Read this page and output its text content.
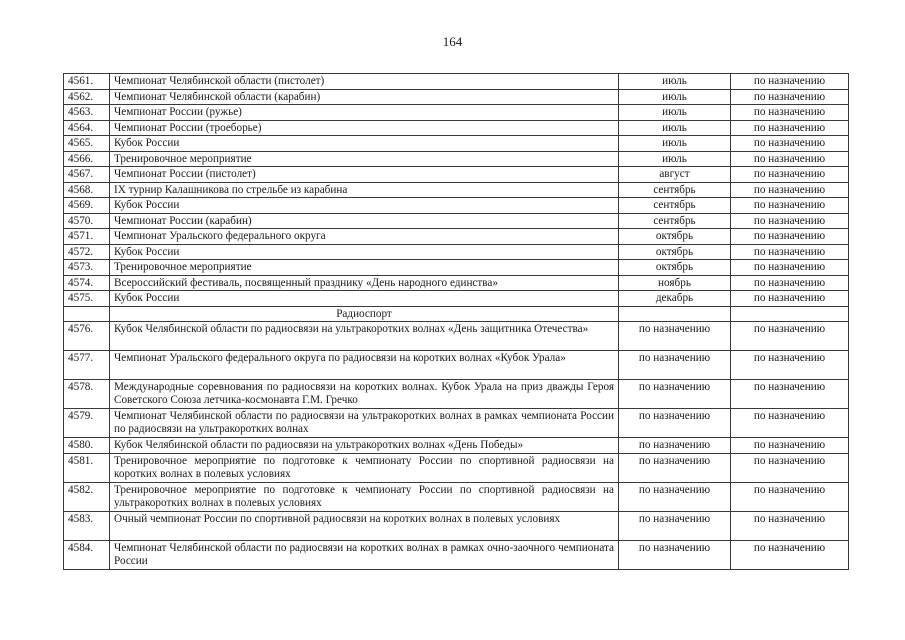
164
4561.	Чемпионат Челябинской области (пистолет)	июль	по назначению
4562.	Чемпионат Челябинской области (карабин)	июль	по назначению
4563.	Чемпионат России (ружье)	июль	по назначению
4564.	Чемпионат России (троеборье)	июль	по назначению
4565.	Кубок России	июль	по назначению
4566.	Тренировочное мероприятие	июль	по назначению
4567.	Чемпионат России (пистолет)	август	по назначению
4568.	IX турнир Калашникова по стрельбе из карабина	сентябрь	по назначению
4569.	Кубок России	сентябрь	по назначению
4570.	Чемпионат России (карабин)	сентябрь	по назначению
4571.	Чемпионат Уральского федерального округа	октябрь	по назначению
4572.	Кубок России	октябрь	по назначению
4573.	Тренировочное мероприятие	октябрь	по назначению
4574.	Всероссийский фестиваль, посвященный празднику «День народного единства»	ноябрь	по назначению
4575.	Кубок России	декабрь	по назначению
	Радиоспорт		
4576.	Кубок Челябинской области по радиосвязи на ультракоротких волнах «День защитника Отечества»	по назначению	по назначению
4577.	Чемпионат Уральского федерального округа по радиосвязи на коротких волнах «Кубок Урала»	по назначению	по назначению
4578.	Международные соревнования по радиосвязи на коротких волнах. Кубок Урала на приз дважды Героя Советского Союза летчика-космонавта Г.М. Гречко	по назначению	по назначению
4579.	Чемпионат Челябинской области по радиосвязи на ультракоротких волнах в рамках чемпионата России по радиосвязи на ультракоротких волнах	по назначению	по назначению
4580.	Кубок Челябинской области по радиосвязи на ультракоротких волнах «День Победы»	по назначению	по назначению
4581.	Тренировочное мероприятие по подготовке к чемпионату России по спортивной радиосвязи на коротких волнах в полевых условиях	по назначению	по назначению
4582.	Тренировочное мероприятие по подготовке к чемпионату России по спортивной радиосвязи на ультракоротких волнах в полевых условиях	по назначению	по назначению
4583.	Очный чемпионат России по спортивной радиосвязи на коротких волнах в полевых условиях	по назначению	по назначению
4584.	Чемпионат Челябинской области по радиосвязи на коротких волнах в рамках очно-заочного чемпионата России	по назначению	по назначению
